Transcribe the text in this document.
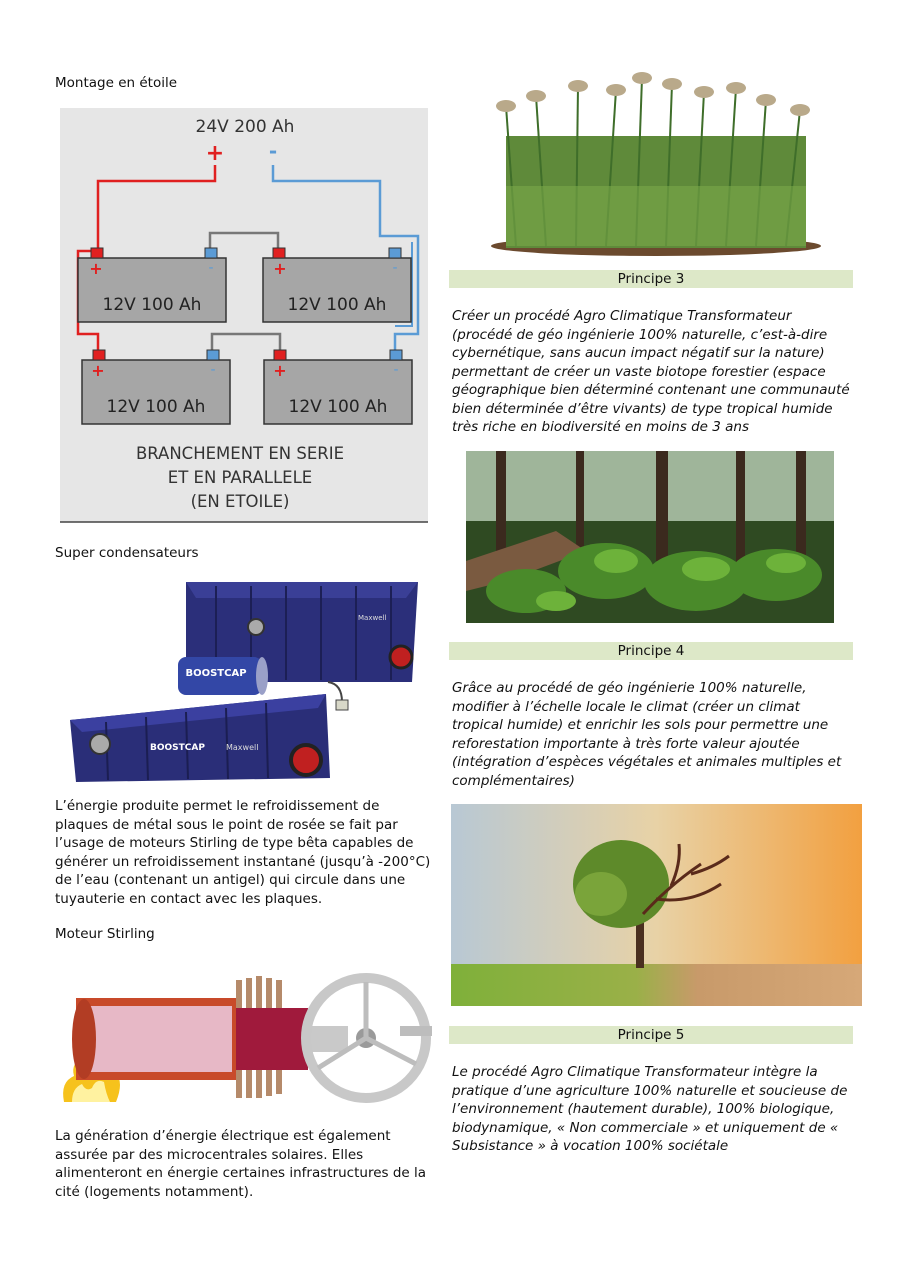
Montage en étoile
24V 200 Ah
+ -
+	-
12V 100 Ah
+	-
12V 100 Ah
+	-
12V 100 Ah
+	-
12V 100 Ah
BRANCHEMENT EN SERIE
ET EN PARALLELE
(EN ETOILE)
Super condensateurs
Maxwell
BOOSTCAP
BOOSTCAP	Maxwell
L’énergie produite permet le refroidissement de plaques de métal sous le point de rosée se fait par l’usage de moteurs Stirling de type bêta capables de générer un refroidissement instantané (jusqu’à -200°C) de l’eau (contenant un antigel) qui circule dans une tuyauterie en contact avec les plaques.
Moteur Stirling
La génération d’énergie électrique est également assurée par des microcentrales solaires. Elles alimenteront en énergie certaines infrastructures de la cité (logements notamment).
Principe 3
Créer un procédé Agro Climatique Transformateur (procédé de géo ingénierie 100% naturelle, c’est-à-dire cybernétique, sans aucun impact négatif sur la nature) permettant de créer un vaste biotope forestier (espace géographique bien déterminé contenant une communauté bien déterminée d’être vivants) de type tropical humide très riche en biodiversité en moins de 3 ans
Principe 4
Grâce au procédé de géo ingénierie 100% naturelle, modifier à l’échelle locale le climat (créer un climat tropical humide) et enrichir les sols pour permettre une reforestation importante à très forte valeur ajoutée (intégration d’espèces végétales et animales multiples et complémentaires)
Principe 5
Le procédé Agro Climatique Transformateur intègre la pratique d’une agriculture 100% naturelle et soucieuse de l’environnement (hautement durable), 100% biologique, biodynamique, « Non commerciale » et uniquement de « Subsistance » à vocation 100% sociétale
